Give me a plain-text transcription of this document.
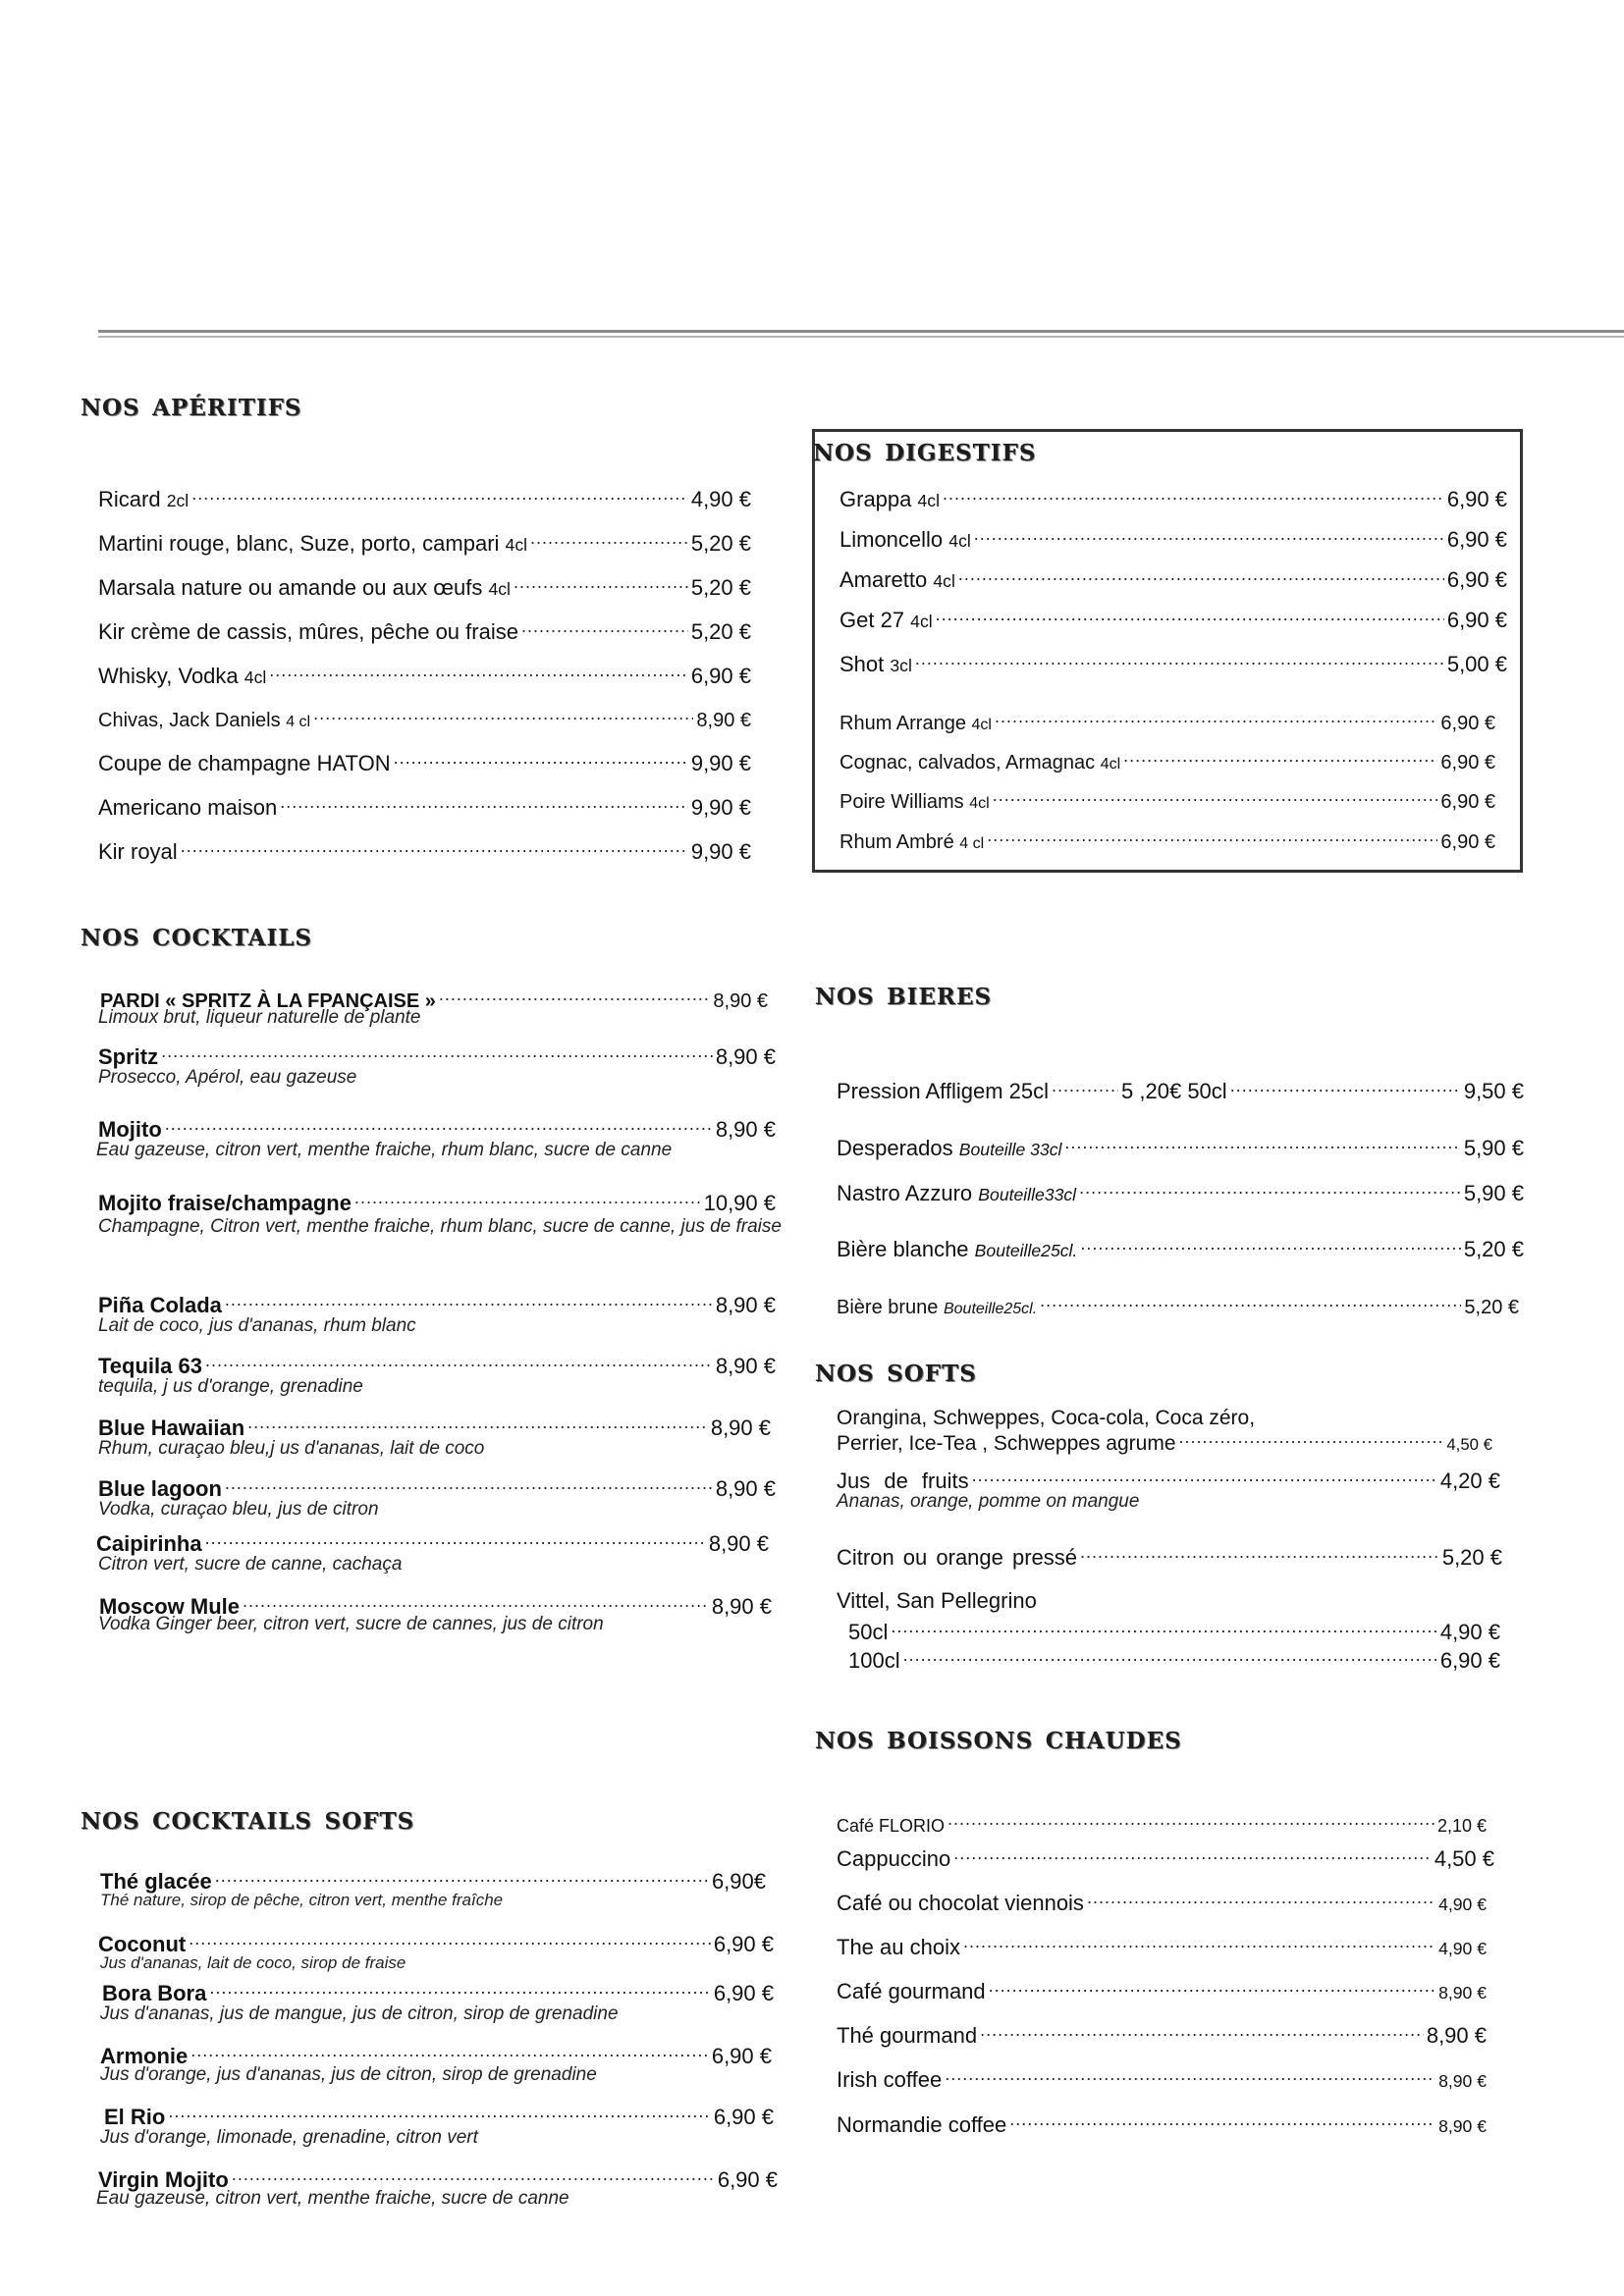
nos apéritifs
Ricard 2cl .....	4,90 €
Martini rouge, blanc, Suze, porto, campari 4cl .....	5,20 €
Marsala nature ou amande ou aux œufs 4cl .....	5,20 €
Kir crème de cassis, mûres, pêche ou fraise .....	5,20 €
Whisky, Vodka 4cl .....	6,90 €
Chivas, Jack Daniels 4 cl .....	8,90 €
Coupe de champagne HATON .....	9,90 €
Americano maison .....	9,90 €
Kir royal .....	9,90 €
nos digestifs
Grappa 4cl .....	6,90 €
Limoncello 4cl .....	6,90 €
Amaretto 4cl .....	6,90 €
Get 27 4cl .....	6,90 €
Shot 3cl .....	5,00 €
Rhum Arrange 4cl .....	6,90 €
Cognac, calvados, Armagnac 4cl .....	6,90 €
Poire Williams 4cl .....	6,90 €
Rhum Ambré 4 cl .....	6,90 €
nos cocktails
PARDI « SPRITZ À LA FPANÇAISE » .....	8,90 €
Limoux brut, liqueur naturelle de plante
Spritz .....	8,90 €
Prosecco, Apérol, eau gazeuse
Mojito .....	8,90 €
Eau gazeuse, citron vert, menthe fraiche, rhum blanc, sucre de canne
Mojito fraise/champagne .....	10,90 €
Champagne, Citron vert, menthe fraiche, rhum blanc, sucre de canne, jus de fraise
Piña Colada .....	8,90 €
Lait de coco, jus d'ananas, rhum blanc
Tequila 63 .....	8,90 €
tequila, j us d'orange, grenadine
Blue Hawaiian .....	8,90 €
Rhum, curaçao bleu,j us d'ananas, lait de coco
Blue lagoon .....	8,90 €
Vodka, curaçao bleu, jus de citron
Caipirinha .....	8,90 €
Citron vert, sucre de canne, cachaça
Moscow Mule .....	8,90 €
Vodka Ginger beer, citron vert, sucre de cannes, jus de citron
nos cocktails softs
Thé glacée .....	6,90€
Thé nature, sirop de pêche, citron vert, menthe fraîche
Coconut .....	6,90 €
Jus d'ananas, lait de coco, sirop de fraise
Bora Bora .....	6,90 €
Jus d'ananas, jus de mangue, jus de citron, sirop de grenadine
Armonie .....	6,90 €
Jus d'orange, jus d'ananas, jus de citron, sirop de grenadine
El Rio .....	6,90 €
Jus d'orange, limonade, grenadine, citron vert
Virgin Mojito .....	6,90 €
Eau gazeuse, citron vert, menthe fraiche, sucre de canne
nos bieres
Pression Affligem 25cl .....	5 ,20€ 50cl .....	9,50 €
Desperados Bouteille 33cl .....	5,90 €
Nastro Azzuro Bouteille33cl .....	5,90 €
Bière blanche Bouteille25cl. .....	5,20 €
Bière brune Bouteille25cl. .....	5,20 €
nos softs
Orangina, Schweppes, Coca-cola, Coca zéro,
Perrier, Ice-Tea , Schweppes agrume .....	4,50 €
Jus de fruits .....	4,20 €
Ananas, orange, pomme on mangue
Citron ou orange pressé .....	5,20 €
Vittel, San Pellegrino
50cl .....	4,90 €
100cl .....	6,90 €
nos boissons chaudes
Café FLORIO .....	2,10 €
Cappuccino .....	4,50 €
Café ou chocolat viennois .....	4,90 €
The au choix .....	4,90 €
Café gourmand .....	8,90 €
Thé gourmand .....	8,90 €
Irish coffee .....	8,90 €
Normandie coffee .....	8,90 €
